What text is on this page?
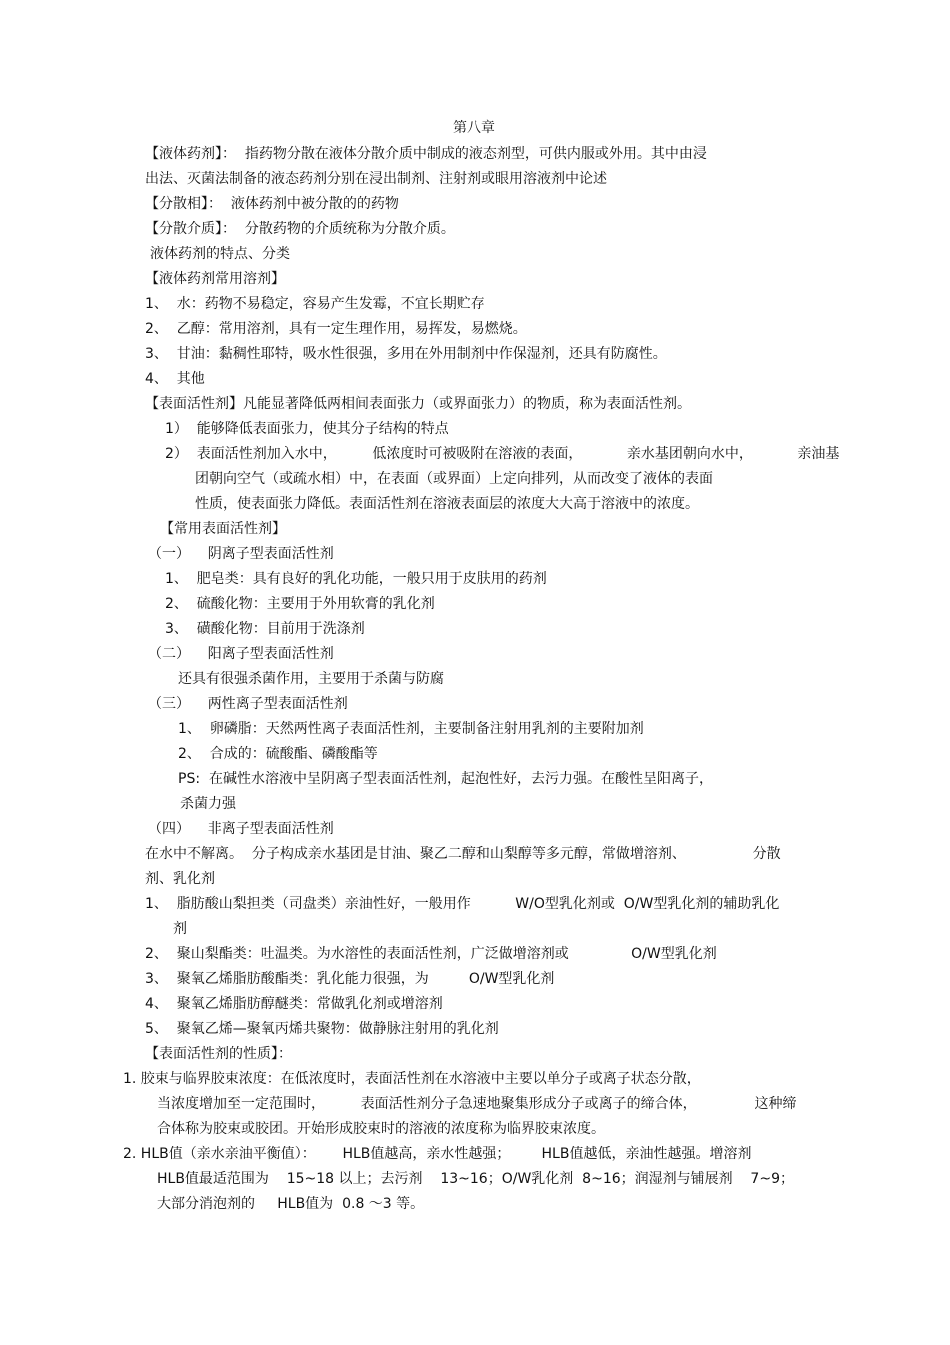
第八章
【液体药剂】：  指药物分散在液体分散介质中制成的液态剂型，可供内服或外用。其中由浸
出法、灭菌法制备的液态药剂分别在浸出制剂、注射剂或眼用溶液剂中论述
【分散相】：  液体药剂中被分散的的药物
【分散介质】：  分散药物的介质统称为分散介质。
液体药剂的特点、分类
【液体药剂常用溶剂】
1、  水：药物不易稳定，容易产生发霉，不宜长期贮存
2、  乙醇：常用溶剂，具有一定生理作用，易挥发，易燃烧。
3、  甘油：黏稠性耶特，吸水性很强，多用在外用制剂中作保湿剂，还具有防腐性。
4、  其他
【表面活性剂】凡能显著降低两相间表面张力（或界面张力）的物质，称为表面活性剂。
1）  能够降低表面张力，使其分子结构的特点
2）  表面活性剂加入水中，        低浓度时可被吸附在溶液的表面，          亲水基团朝向水中，          亲油基
团朝向空气（或疏水相）中，在表面（或界面）上定向排列，从而改变了液体的表面
性质，使表面张力降低。表面活性剂在溶液表面层的浓度大大高于溶液中的浓度。
【常用表面活性剂】
（一）    阴离子型表面活性剂
1、  肥皂类：具有良好的乳化功能，一般只用于皮肤用的药剂
2、  硫酸化物：主要用于外用软膏的乳化剂
3、  磺酸化物：目前用于洗涤剂
（二）    阳离子型表面活性剂
还具有很强杀菌作用，主要用于杀菌与防腐
（三）    两性离子型表面活性剂
1、  卵磷脂：天然两性离子表面活性剂，主要制备注射用乳剂的主要附加剂
2、  合成的：硫酸酯、磷酸酯等
PS:  在碱性水溶液中呈阴离子型表面活性剂，起泡性好，去污力强。在酸性呈阳离子，
杀菌力强
（四）    非离子型表面活性剂
在水中不解离。  分子构成亲水基团是甘油、聚乙二醇和山梨醇等多元醇，常做增溶剂、               分散
剂、乳化剂
1、  脂肪酸山梨担类（司盘类）亲油性好，一般用作          W/O型乳化剂或  O/W型乳化剂的辅助乳化
剂
2、  聚山梨酯类：吐温类。为水溶性的表面活性剂，广泛做增溶剂或              O/W型乳化剂
3、  聚氧乙烯脂肪酸酯类：乳化能力很强，为         O/W型乳化剂
4、  聚氧乙烯脂肪醇醚类：常做乳化剂或增溶剂
5、  聚氧乙烯—聚氧丙烯共聚物：做静脉注射用的乳化剂
【表面活性剂的性质】：
1. 胶束与临界胶束浓度：在低浓度时，表面活性剂在水溶液中主要以单分子或离子状态分散，
当浓度增加至一定范围时，        表面活性剂分子急速地聚集形成分子或离子的缔合体，             这种缔
合体称为胶束或胶团。开始形成胶束时的溶液的浓度称为临界胶束浓度。
2. HLB值（亲水亲油平衡值）：      HLB值越高，亲水性越强；       HLB值越低，亲油性越强。增溶剂
HLB值最适范围为    15~18 以上；去污剂    13~16；O/W乳化剂  8~16；润湿剂与铺展剂    7~9；
大部分消泡剂的     HLB值为  0.8 ～3 等。
